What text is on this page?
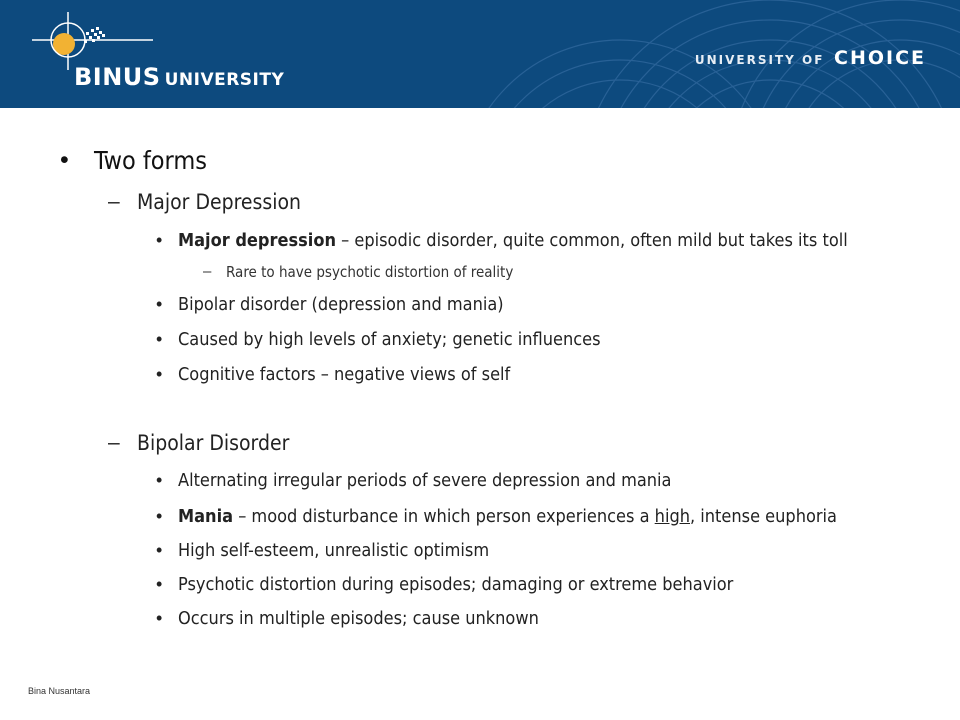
BINUS UNIVERSITY
UNIVERSITY OF CHOICE
• Two forms
– Major Depression
• Major depression – episodic disorder, quite common, often mild but takes its toll
– Rare to have psychotic distortion of reality
• Bipolar disorder (depression and mania)
• Caused by high levels of anxiety; genetic influences
• Cognitive factors – negative views of self
– Bipolar Disorder
• Alternating irregular periods of severe depression and mania
• Mania – mood disturbance in which person experiences a high, intense euphoria
• High self-esteem, unrealistic optimism
• Psychotic distortion during episodes; damaging or extreme behavior
• Occurs in multiple episodes; cause unknown
Bina Nusantara
